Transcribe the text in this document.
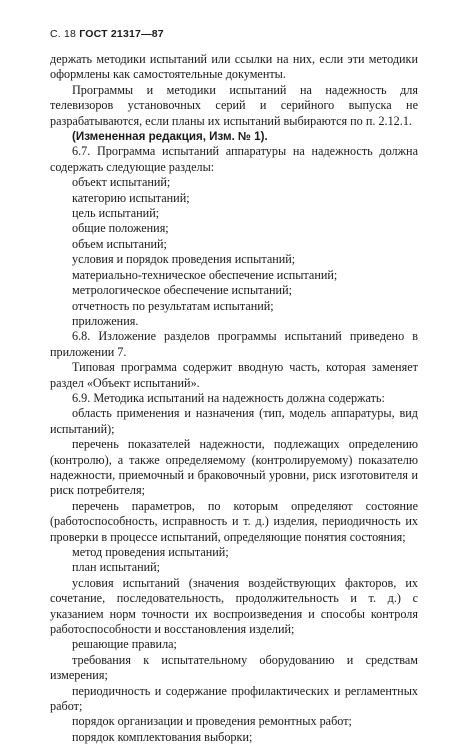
С. 18 ГОСТ 21317—87

держать методики испытаний или ссылки на них, если эти методики оформлены как самостоятельные документы.

Программы и методики испытаний на надежность для телевизоров установочных серий и серийного выпуска не разрабатываются, если планы их испытаний выбираются по п. 2.12.1.

(Измененная редакция, Изм. № 1).

6.7. Программа испытаний аппаратуры на надежность должна содержать следующие разделы:

объект испытаний;

категорию испытаний;

цель испытаний;

общие положения;

объем испытаний;

условия и порядок проведения испытаний;

материально-техническое обеспечение испытаний;

метрологическое обеспечение испытаний;

отчетность по результатам испытаний;

приложения.

6.8. Изложение разделов программы испытаний приведено в приложении 7.

Типовая программа содержит вводную часть, которая заменяет раздел «Объект испытаний».

6.9. Методика испытаний на надежность должна содержать:

область применения и назначения (тип, модель аппаратуры, вид испытаний);

перечень показателей надежности, подлежащих определению (контролю), а также определяемому (контролируемому) показателю надежности, приемочный и браковочный уровни, риск изготовителя и риск потребителя;

перечень параметров, по которым определяют состояние (работоспособность, исправность и т. д.) изделия, периодичность их проверки в процессе испытаний, определяющие понятия состояния;

метод проведения испытаний;

план испытаний;

условия испытаний (значения воздействующих факторов, их сочетание, последовательность, продолжительность и т. д.) с указанием норм точности их воспроизведения и способы контроля работоспособности и восстановления изделий;

решающие правила;

требования к испытательному оборудованию и средствам измерения;

периодичность и содержание профилактических и регламентных работ;

порядок организации и проведения ремонтных работ;

порядок комплектования выборки;
